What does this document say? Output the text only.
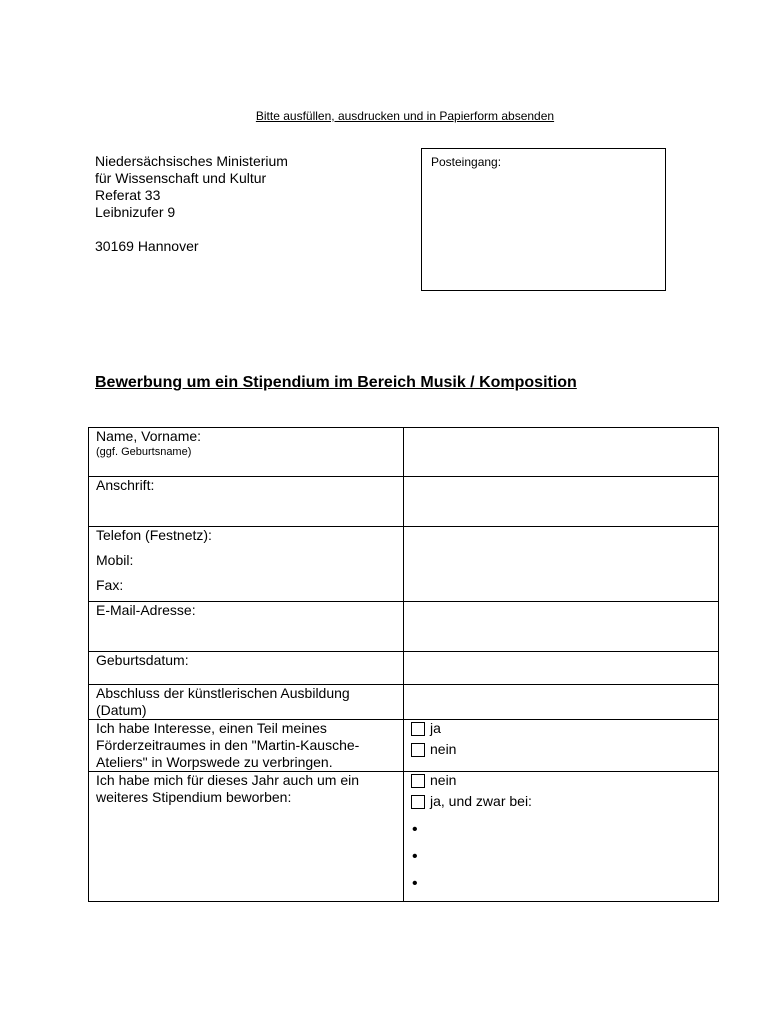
Bitte ausfüllen, ausdrucken und in Papierform absenden
Niedersächsisches Ministerium
für Wissenschaft und Kultur
Referat 33
Leibnizufer 9
30169 Hannover
Posteingang:
Bewerbung um ein Stipendium im Bereich Musik / Komposition
Name, Vorname:
(ggf. Geburtsname)	

Anschrift:	

Telefon (Festnetz):
Mobil:
Fax:	

E-Mail-Adresse:	

Geburtsdatum:	

Abschluss der künstlerischen Ausbildung (Datum)	

Ich habe Interesse, einen Teil meines Förderzeitraumes in den "Martin-Kausche-Ateliers" in Worpswede zu verbringen.	ja
nein

Ich habe mich für dieses Jahr auch um ein weiteres Stipendium beworben:	nein
ja, und zwar bei:
•
•
•
